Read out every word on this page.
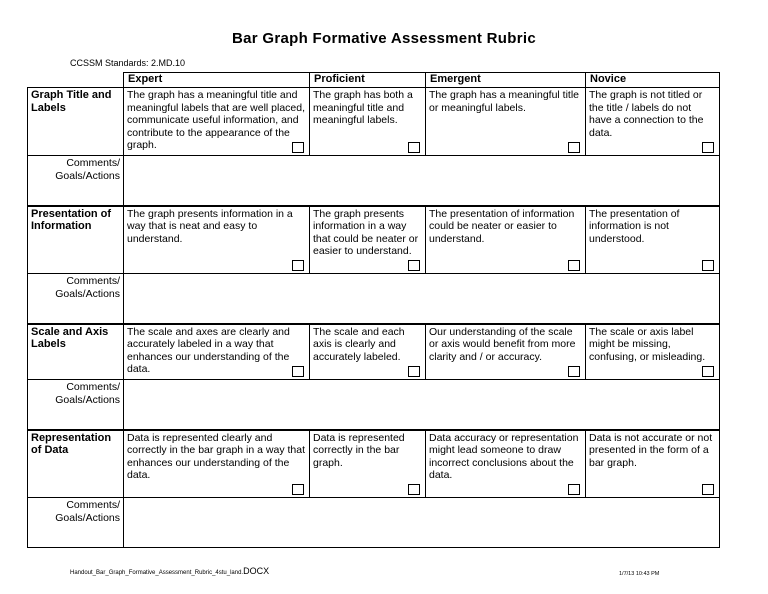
Bar Graph Formative Assessment Rubric
CCSSM Standards: 2.MD.10
	Expert	Proficient	Emergent	Novice
Graph Title and Labels	The graph has a meaningful title and meaningful labels that are well placed, communicate useful information, and contribute to the appearance of the graph.	The graph has both a meaningful title and meaningful labels.	The graph has a meaningful title or meaningful labels.	The graph is not titled or the title / labels do not have a connection to the data.

Comments/
Goals/Actions				
Presentation of Information	The graph presents information in a way that is neat and easy to understand.	The graph presents information in a way that could be neater or easier to understand.	The presentation of information could be neater or easier to understand.	The presentation of information is not understood.

Comments/
Goals/Actions				
Scale and Axis Labels	The scale and axes are clearly and accurately labeled in a way that enhances our understanding of the data.	The scale and each axis is clearly and accurately labeled.	Our understanding of the scale or axis would benefit from more clarity and / or accuracy.	The scale or axis label might be missing, confusing, or misleading.

Comments/
Goals/Actions				
Representation of Data	Data is represented clearly and correctly in the bar graph in a way that enhances our understanding of the data.	Data is represented correctly in the bar graph.	Data accuracy or representation might lead someone to draw incorrect conclusions about the data.	Data is not accurate or not presented in the form of a bar graph.

Comments/
Goals/Actions				
Handout_Bar_Graph_Formative_Assessment_Rubric_4stu_land.DOCX	1/7/13 10:43 PM
